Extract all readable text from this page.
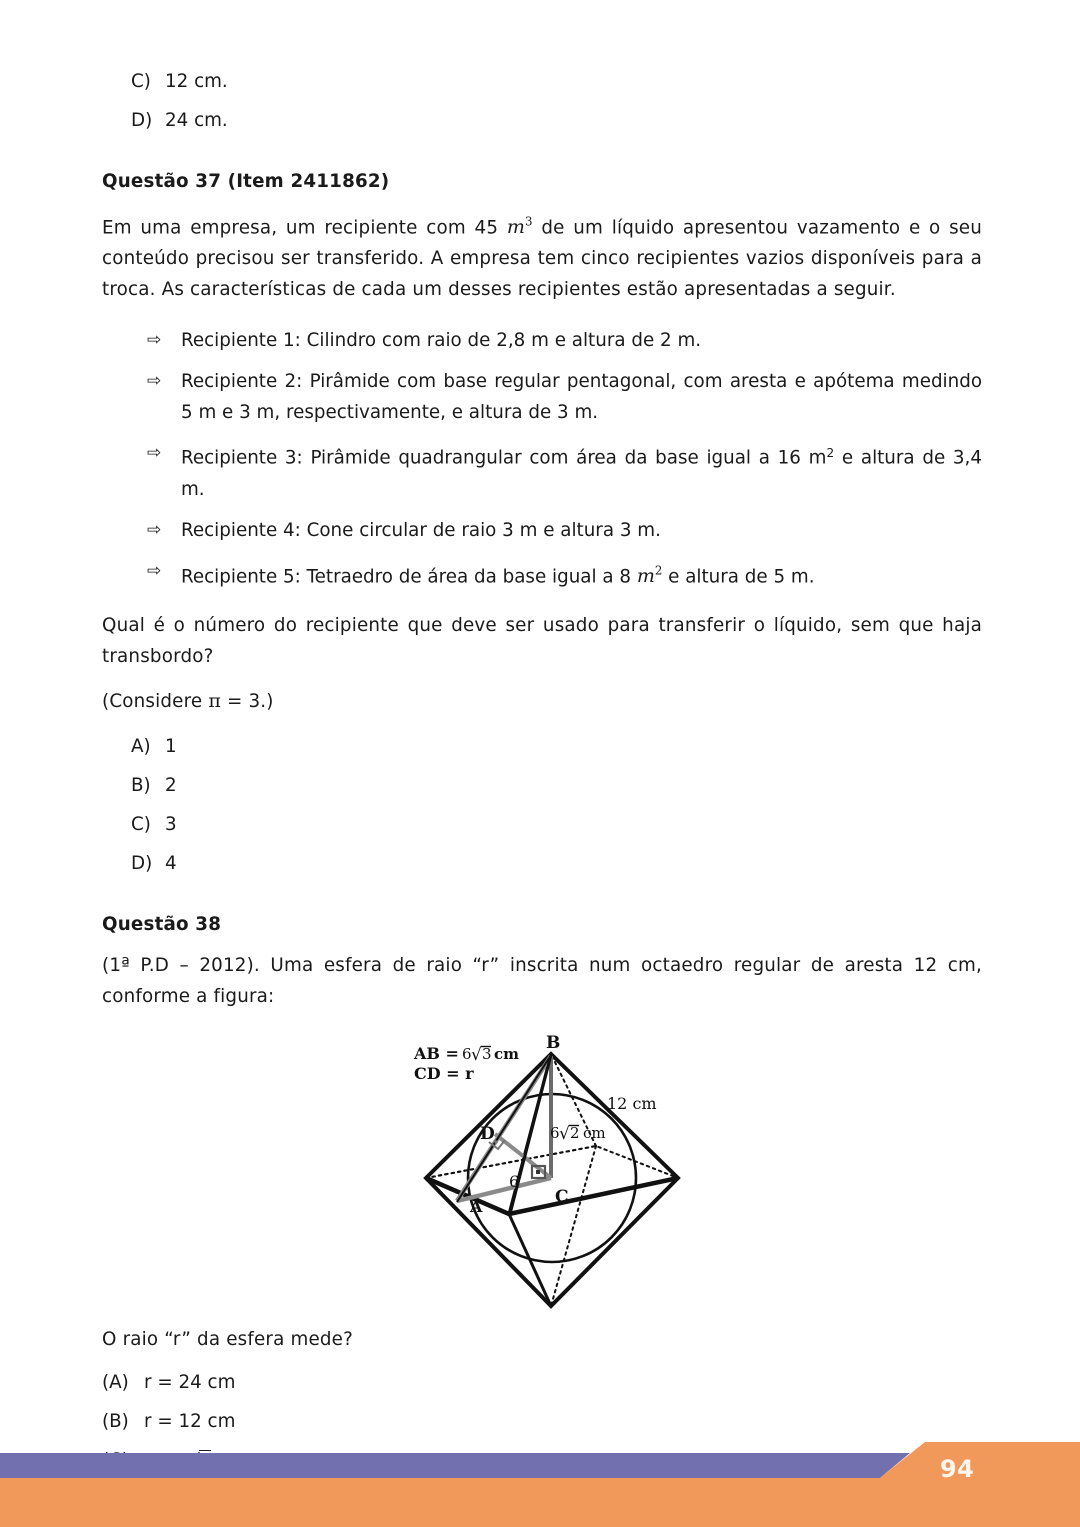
C) 12 cm.
D) 24 cm.

Questão 37 (Item 2411862)

Em uma empresa, um recipiente com 45 $m^3$ de um líquido apresentou vazamento e o seu conteúdo precisou ser transferido. A empresa tem cinco recipientes vazios disponíveis para a troca. As características de cada um desses recipientes estão apresentadas a seguir.

⇨	Recipiente 1: Cilindro com raio de 2,8 m e altura de 2 m.
⇨	Recipiente 2: Pirâmide com base regular pentagonal, com aresta e apótema medindo 5 m e 3 m, respectivamente, e altura de 3 m.
⇨	Recipiente 3: Pirâmide quadrangular com área da base igual a 16 $m^2$ e altura de 3,4 m.
⇨	Recipiente 4: Cone circular de raio 3 m e altura 3 m.
⇨	Recipiente 5: Tetraedro de área da base igual a 8 $m^2$ e altura de 5 m.

Qual é o número do recipiente que deve ser usado para transferir o líquido, sem que haja transbordo?

(Considere π = 3.)

A) 1
B) 2
C) 3
D) 4

Questão 38

(1ª P.D – 2012). Uma esfera de raio “r” inscrita num octaedro regular de aresta 12 cm, conforme a figura:

B
A	C
D
AB = 6 √ 3 cm
CD = r
12 cm
6 √ 2 cm
6

O raio “r” da esfera mede?

(A) r = 24 cm
(B) r = 12 cm
94
